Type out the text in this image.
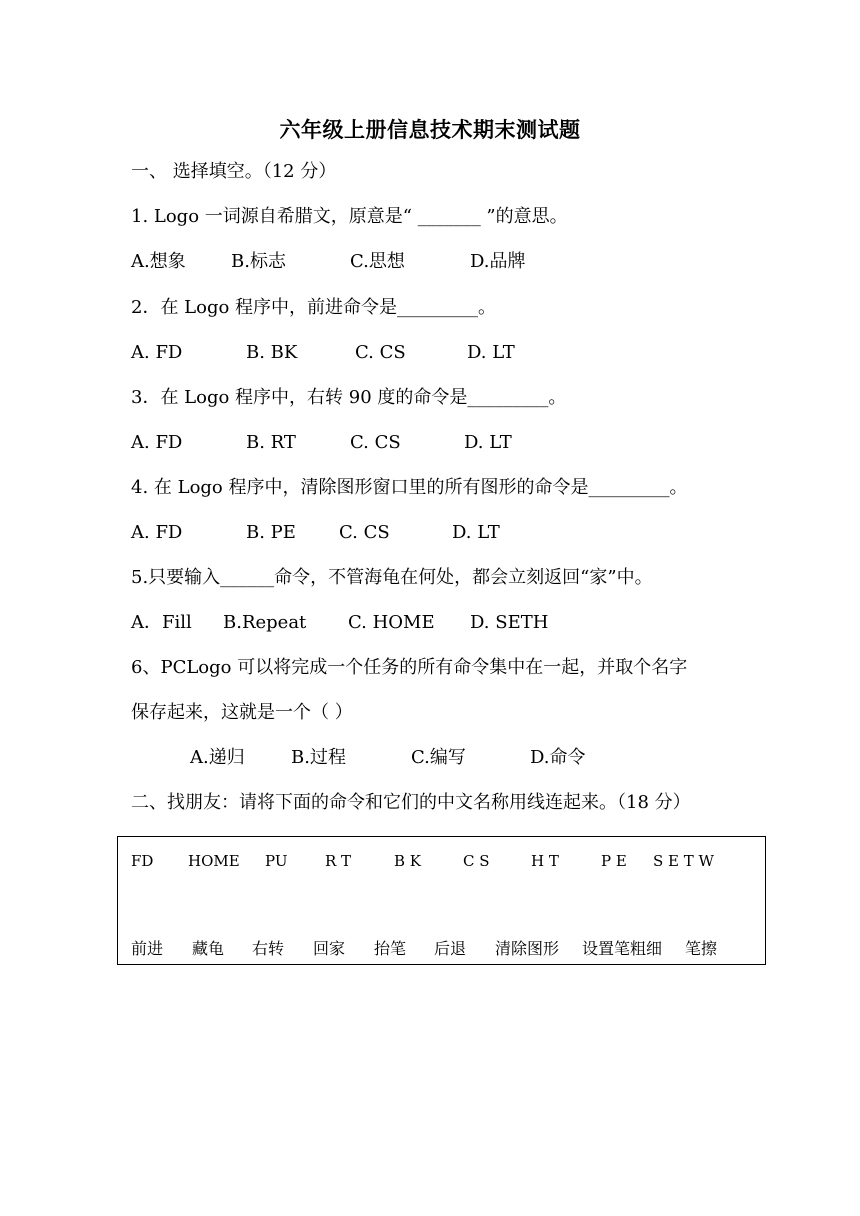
六年级上册信息技术期末测试题
一、 选择填空。（12 分）
1. Logo 一词源自希腊文，原意是“ _______ ”的意思。
A.想象	B.标志	C.思想	D.品牌
2．在 Logo 程序中，前进命令是_________。
A. FD	B. BK	C. CS	D. LT
3．在 Logo 程序中，右转 90 度的命令是_________。
A. FD	B. RT	C. CS	D. LT
4. 在 Logo 程序中，清除图形窗口里的所有图形的命令是_________。
A. FD	B. PE C. CS	D. LT
5.只要输入______命令，不管海龟在何处，都会立刻返回“家”中。
A．Fill B.Repeat C. HOME D. SETH
6、PCLogo 可以将完成一个任务的所有命令集中在一起，并取个名字
保存起来，这就是一个（ ）
A.递归	B.过程	C.编写	D.命令
二、找朋友：请将下面的命令和它们的中文名称用线连起来。（18 分）
FD HOME PU	R T	B K	C S	H T	P E S E T W
前进 藏龟 右转 回家 抬笔 后退 清除图形 设置笔粗细 笔擦
